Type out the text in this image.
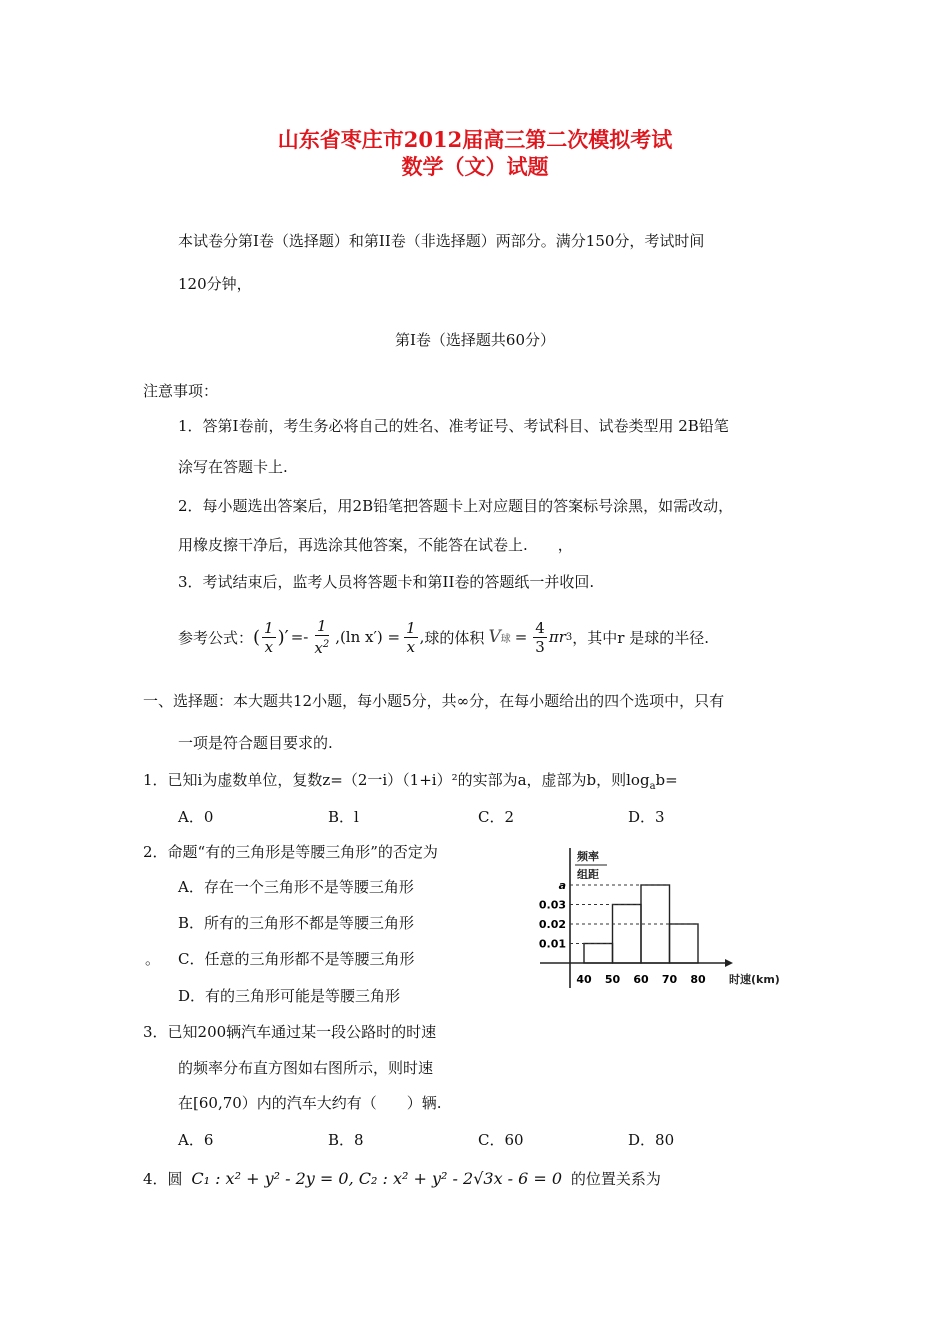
山东省枣庄市2012届高三第二次模拟考试
数学（文）试题
本试卷分第Ⅰ卷（选择题）和第II卷（非选择题）两部分。满分150分，考试时间
120分钟，
第Ⅰ卷（选择题共60分）
注意事项：
1．答第Ⅰ卷前，考生务必将自己的姓名、准考证号、考试科目、试卷类型用 2B铅笔
涂写在答题卡上.
2．每小题选出答案后，用2B铅笔把答题卡上对应题目的答案标号涂黑，如需改动，
用橡皮擦干净后，再选涂其他答案，不能答在试卷上.　　，
3．考试结束后，监考人员将答题卡和第II卷的答题纸一并收回.
参考公式： ( $\frac{1}{x}$ )′ =- $\frac{1}{x^2} ,(\ln$ $x') = \frac{1}{x}$ , 球的体积 V 球 = $\frac{4}{3}$ πr 3 ，其中r 是球的半径.
一、选择题：本大题共12小题，每小题5分，共∞分，在每小题给出的四个选项中，只有
一项是符合题目要求的.
1．已知i为虚数单位，复数z=（2一i）（1+i）²的实部为a，虚部为b，则$\log_ab=$
A．0	B．l	C．2	D．3
2．命题“有的三角形是等腰三角形”的否定为
A．存在一个三角形不是等腰三角形
B．所有的三角形不都是等腰三角形
。 C．任意的三角形都不是等腰三角形
D．有的三角形可能是等腰三角形
频率
组距
0.01
0.02
0.03
a
40 50 60 70 80 时速(km)
3．已知200辆汽车通过某一段公路时的时速
的频率分布直方图如右图所示，则时速
在[60,70）内的汽车大约有（　　）辆.
A．6	B．8	C．60	D．80
4．圆 C₁ : x² + y² - 2y = 0, C₂ : x² + y² - 2√3x - 6 = 0 的位置关系为
